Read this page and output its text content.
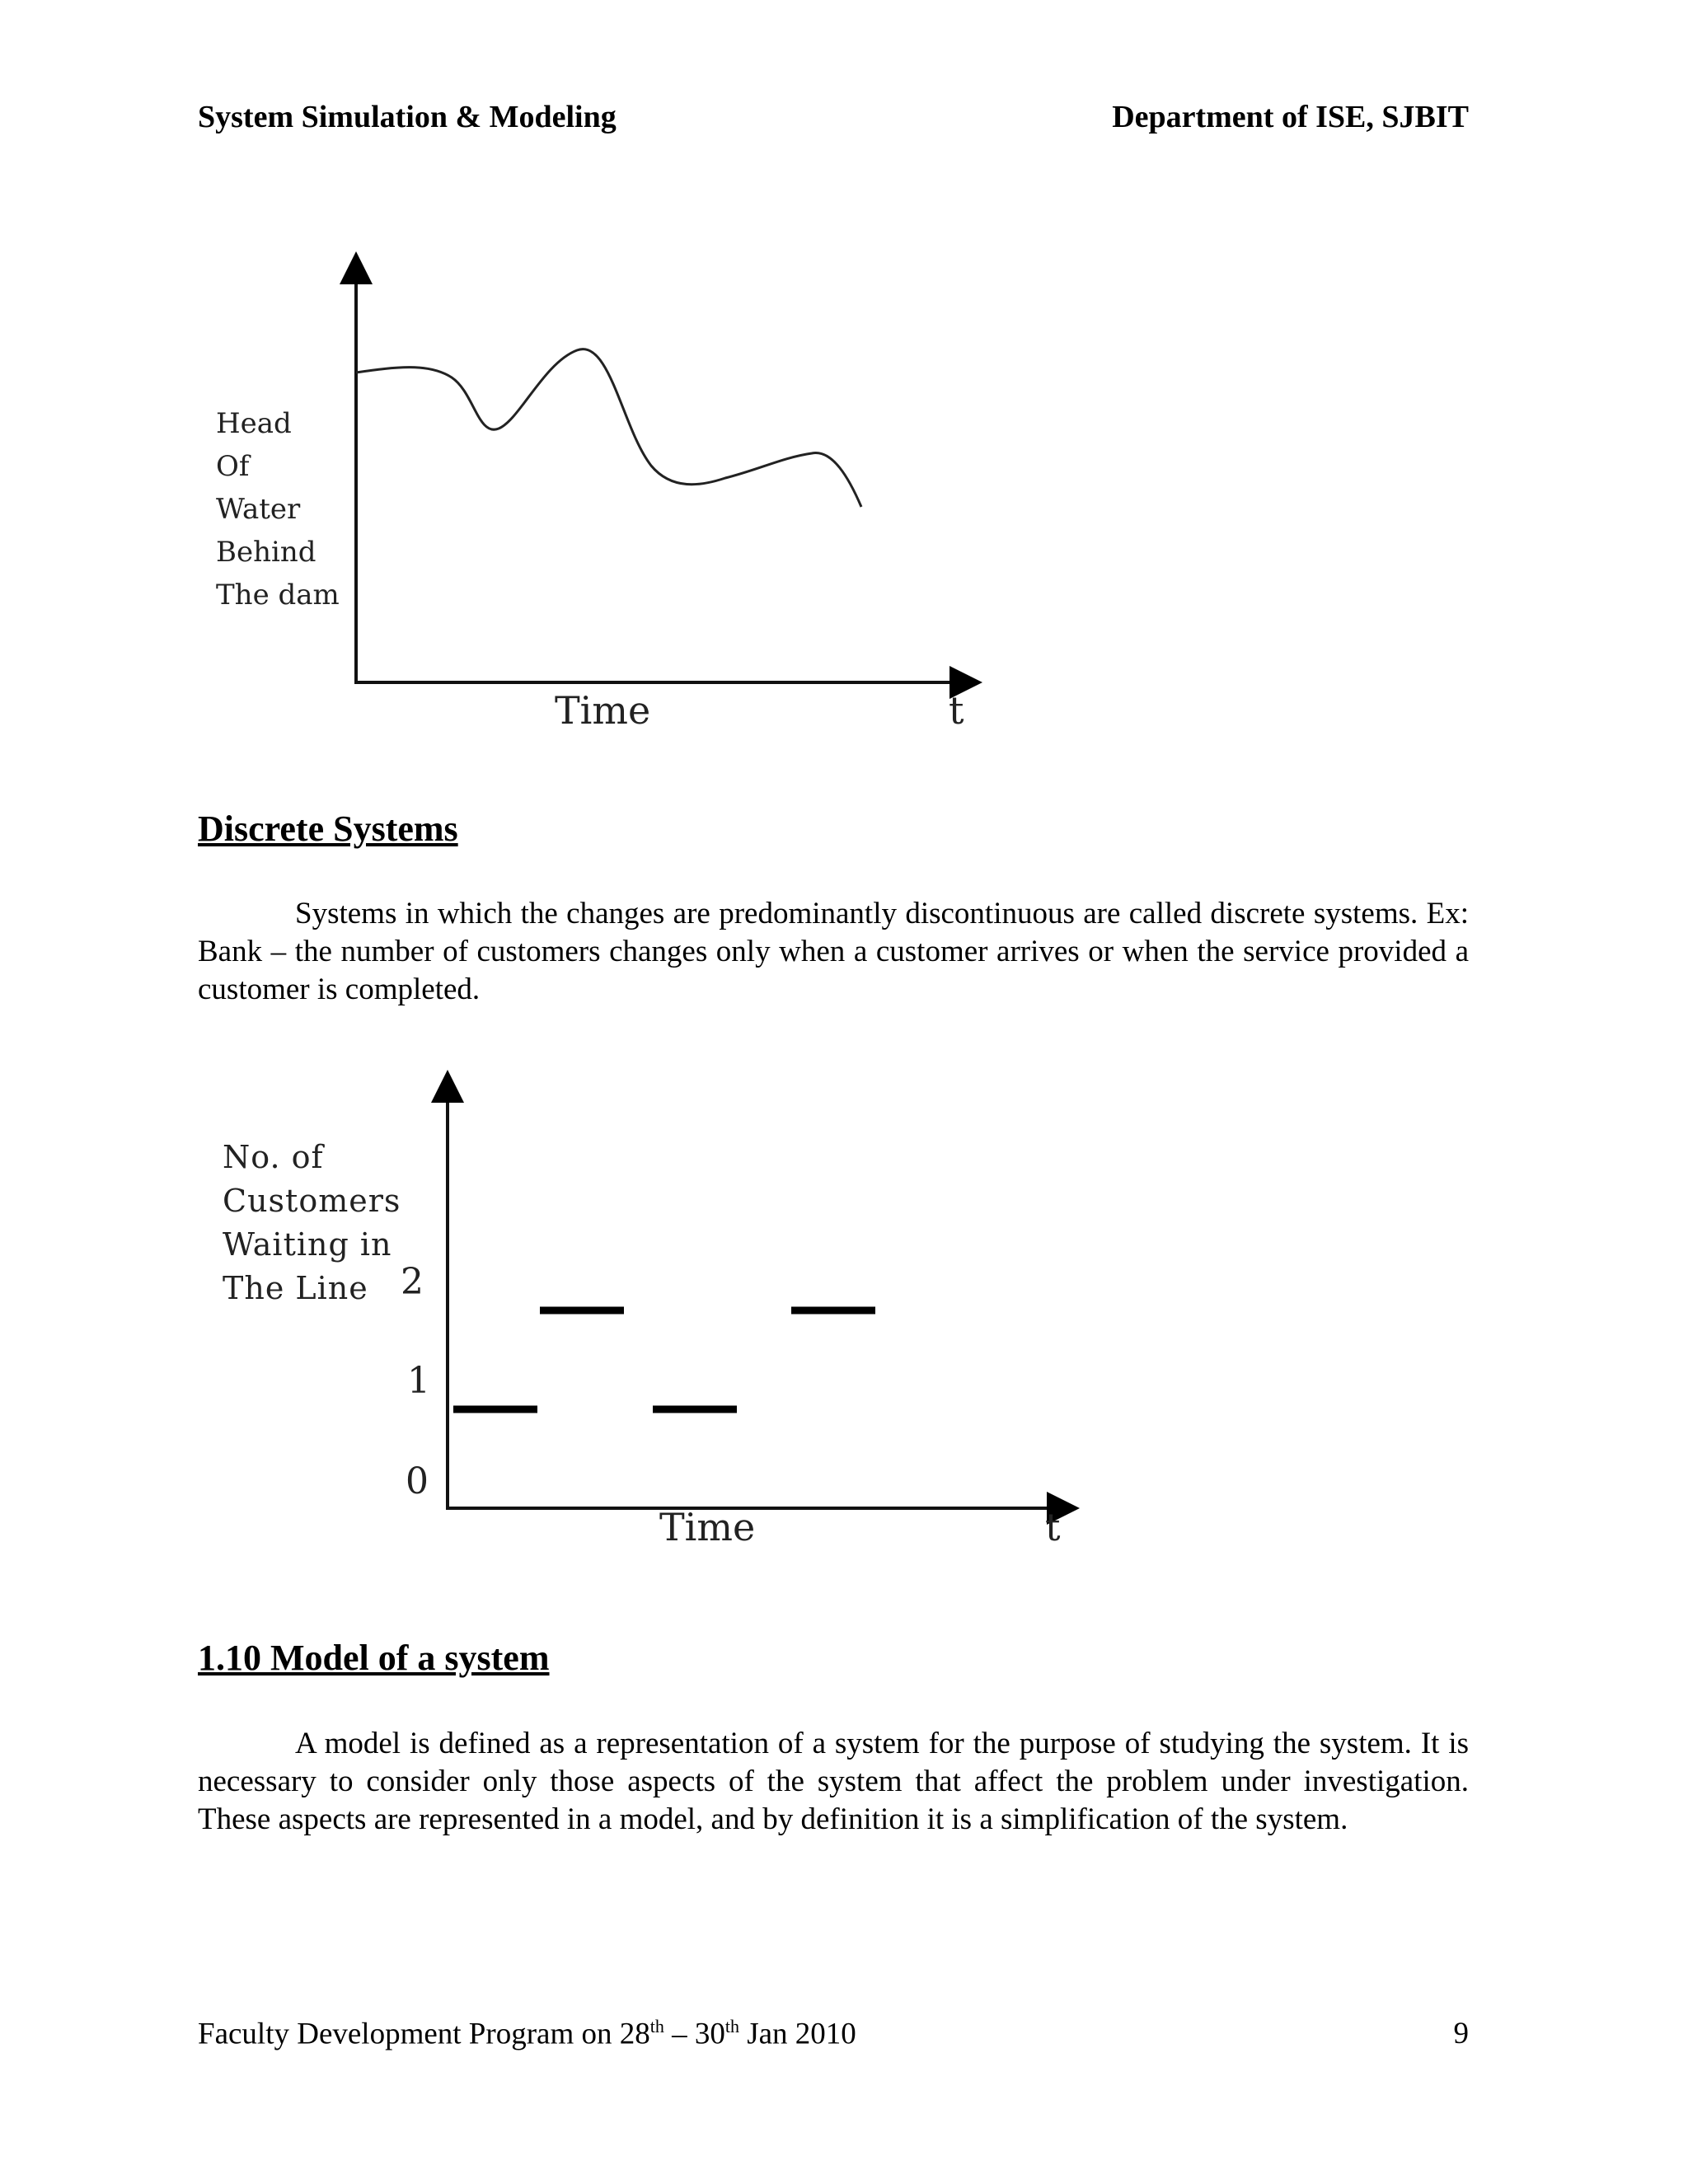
System Simulation & Modeling	Department of ISE, SJBIT
Head
Of
Water
Behind
The dam
Time	t
Discrete Systems

Systems in which the changes are predominantly discontinuous are called discrete systems. Ex: Bank – the number of customers changes only when a customer arrives or when the service provided a customer is completed.

No. of
Customers
Waiting in
The Line 2
1
0
Time	t
1.10 Model of a system

A model is defined as a representation of a system for the purpose of studying the system. It is necessary to consider only those aspects of the system that affect the problem under investigation. These aspects are represented in a model, and by definition it is a simplification of the system.

Faculty Development Program on 28th – 30th Jan 2010	9
